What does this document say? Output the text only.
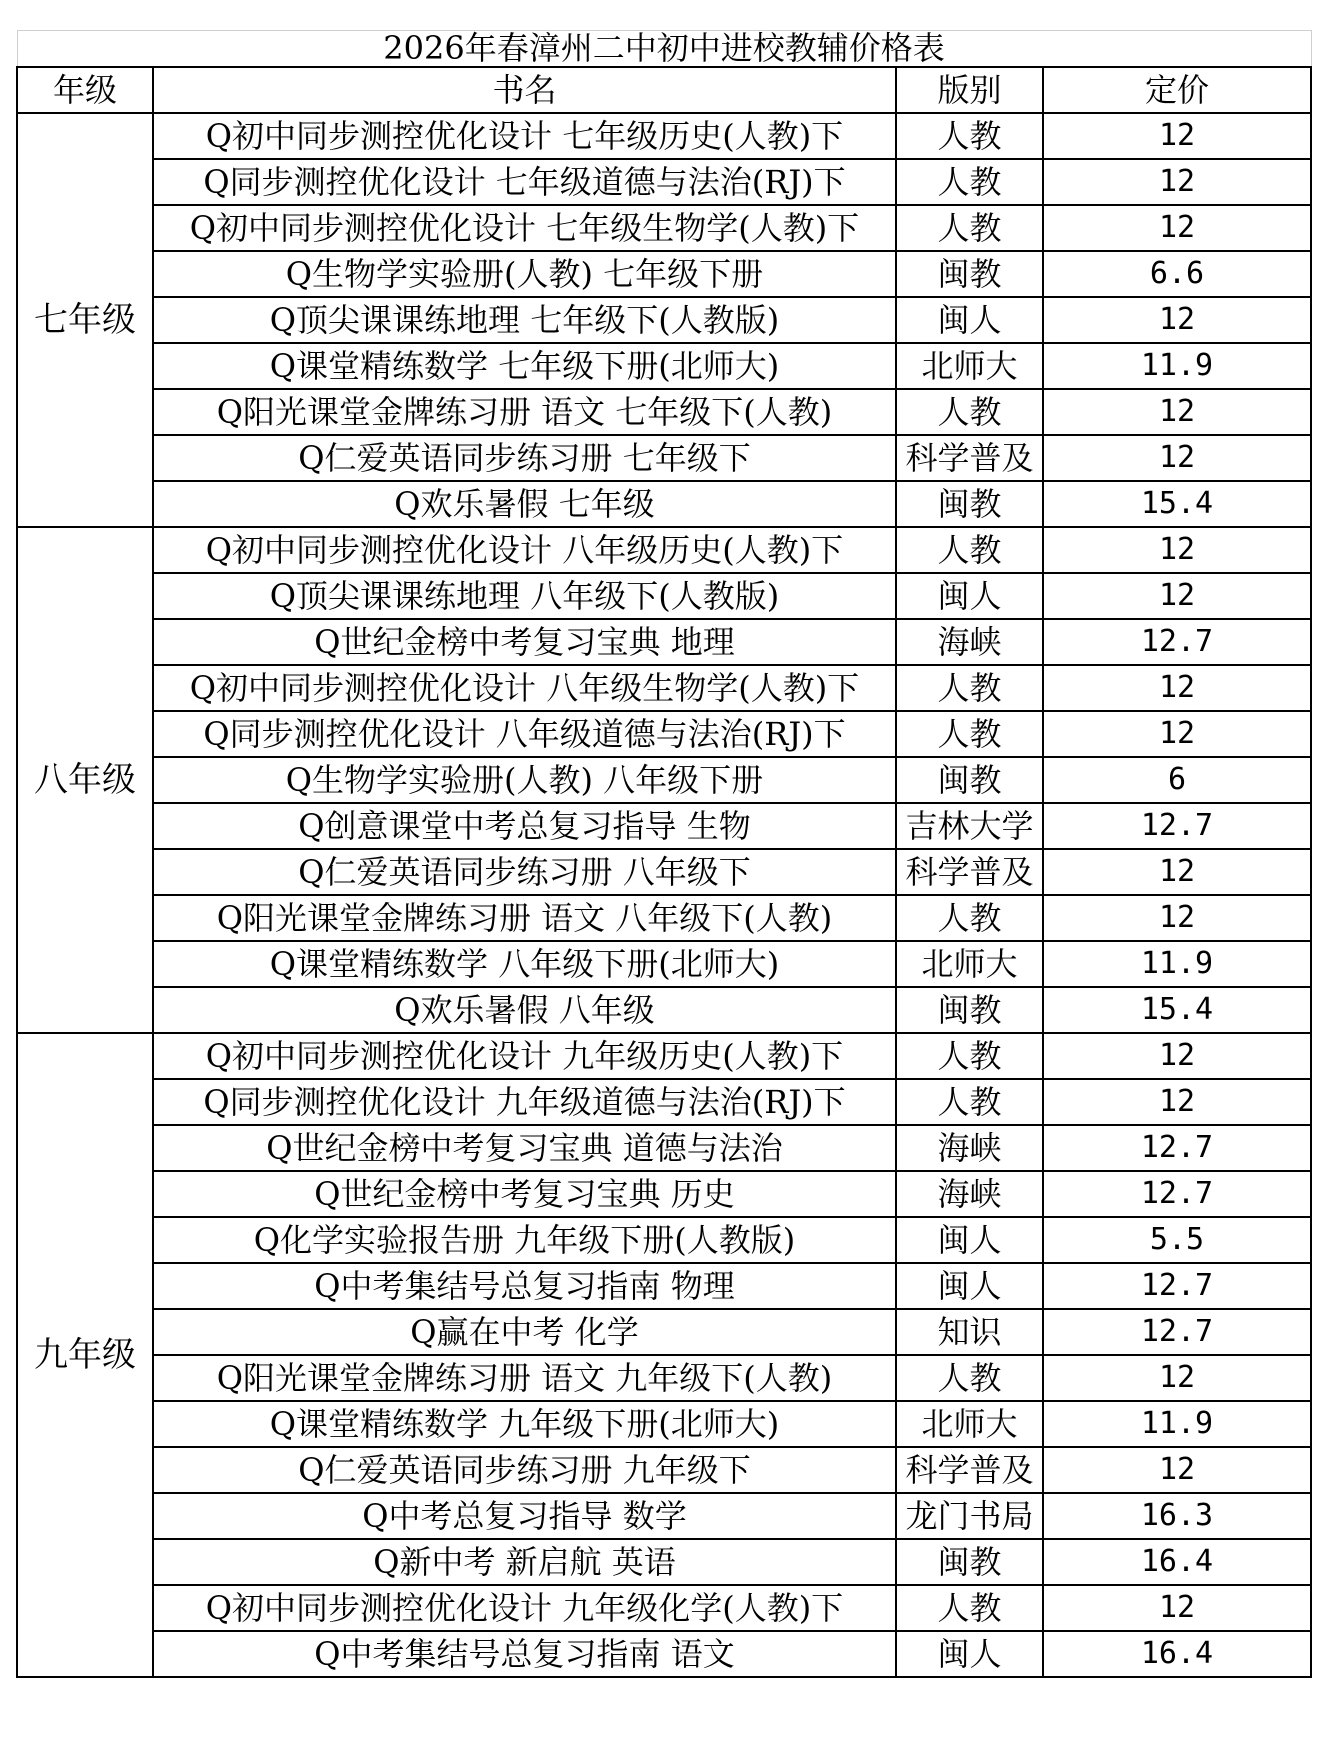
2026年春漳州二中初中进校教辅价格表			
年级	书名	版别	定价
七年级	Q初中同步测控优化设计 七年级历史(人教)下	人教	12
	Q同步测控优化设计 七年级道德与法治(RJ)下	人教	12
	Q初中同步测控优化设计 七年级生物学(人教)下	人教	12
	Q生物学实验册(人教) 七年级下册	闽教	6.6
	Q顶尖课课练地理 七年级下(人教版)	闽人	12
	Q课堂精练数学 七年级下册(北师大)	北师大	11.9
	Q阳光课堂金牌练习册 语文 七年级下(人教)	人教	12
	Q仁爱英语同步练习册 七年级下	科学普及	12
	Q欢乐暑假 七年级	闽教	15.4
八年级	Q初中同步测控优化设计 八年级历史(人教)下	人教	12
	Q顶尖课课练地理 八年级下(人教版)	闽人	12
	Q世纪金榜中考复习宝典 地理	海峡	12.7
	Q初中同步测控优化设计 八年级生物学(人教)下	人教	12
	Q同步测控优化设计 八年级道德与法治(RJ)下	人教	12
	Q生物学实验册(人教) 八年级下册	闽教	6
	Q创意课堂中考总复习指导 生物	吉林大学	12.7
	Q仁爱英语同步练习册 八年级下	科学普及	12
	Q阳光课堂金牌练习册 语文 八年级下(人教)	人教	12
	Q课堂精练数学 八年级下册(北师大)	北师大	11.9
	Q欢乐暑假 八年级	闽教	15.4
九年级	Q初中同步测控优化设计 九年级历史(人教)下	人教	12
	Q同步测控优化设计 九年级道德与法治(RJ)下	人教	12
	Q世纪金榜中考复习宝典 道德与法治	海峡	12.7
	Q世纪金榜中考复习宝典 历史	海峡	12.7
	Q化学实验报告册 九年级下册(人教版)	闽人	5.5
	Q中考集结号总复习指南 物理	闽人	12.7
	Q赢在中考 化学	知识	12.7
	Q阳光课堂金牌练习册 语文 九年级下(人教)	人教	12
	Q课堂精练数学 九年级下册(北师大)	北师大	11.9
	Q仁爱英语同步练习册 九年级下	科学普及	12
	Q中考总复习指导 数学	龙门书局	16.3
	Q新中考 新启航 英语	闽教	16.4
	Q初中同步测控优化设计 九年级化学(人教)下	人教	12
	Q中考集结号总复习指南 语文	闽人	16.4
